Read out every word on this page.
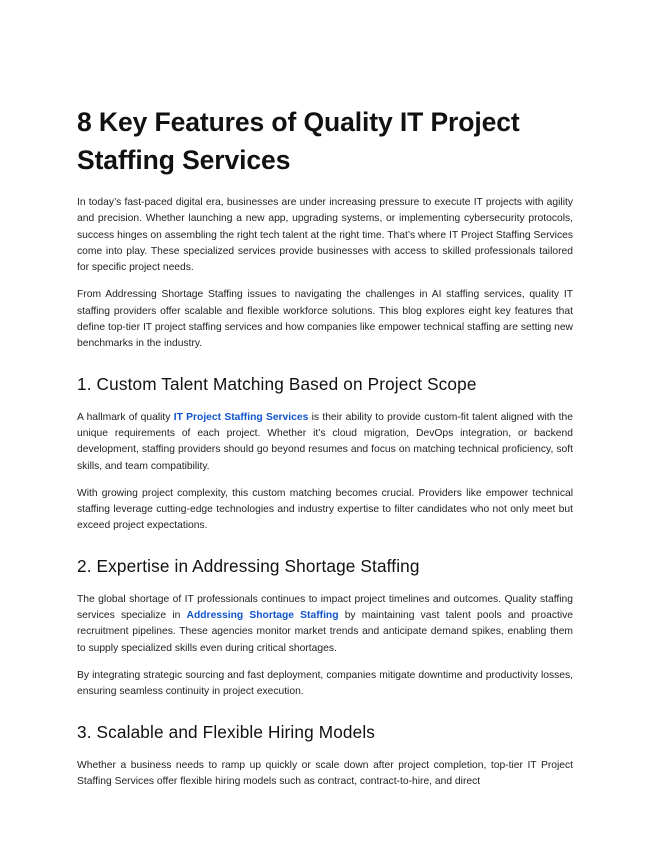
8 Key Features of Quality IT Project Staffing Services

In today’s fast-paced digital era, businesses are under increasing pressure to execute IT projects with agility and precision. Whether launching a new app, upgrading systems, or implementing cybersecurity protocols, success hinges on assembling the right tech talent at the right time. That’s where IT Project Staffing Services come into play. These specialized services provide businesses with access to skilled professionals tailored for specific project needs.

From Addressing Shortage Staffing issues to navigating the challenges in AI staffing services, quality IT staffing providers offer scalable and flexible workforce solutions. This blog explores eight key features that define top-tier IT project staffing services and how companies like empower technical staffing are setting new benchmarks in the industry.

1. Custom Talent Matching Based on Project Scope

A hallmark of quality IT Project Staffing Services is their ability to provide custom-fit talent aligned with the unique requirements of each project. Whether it’s cloud migration, DevOps integration, or backend development, staffing providers should go beyond resumes and focus on matching technical proficiency, soft skills, and team compatibility.

With growing project complexity, this custom matching becomes crucial. Providers like empower technical staffing leverage cutting-edge technologies and industry expertise to filter candidates who not only meet but exceed project expectations.

2. Expertise in Addressing Shortage Staffing

The global shortage of IT professionals continues to impact project timelines and outcomes. Quality staffing services specialize in Addressing Shortage Staffing by maintaining vast talent pools and proactive recruitment pipelines. These agencies monitor market trends and anticipate demand spikes, enabling them to supply specialized skills even during critical shortages.

By integrating strategic sourcing and fast deployment, companies mitigate downtime and productivity losses, ensuring seamless continuity in project execution.

3. Scalable and Flexible Hiring Models

Whether a business needs to ramp up quickly or scale down after project completion, top-tier IT Project Staffing Services offer flexible hiring models such as contract, contract-to-hire, and direct
